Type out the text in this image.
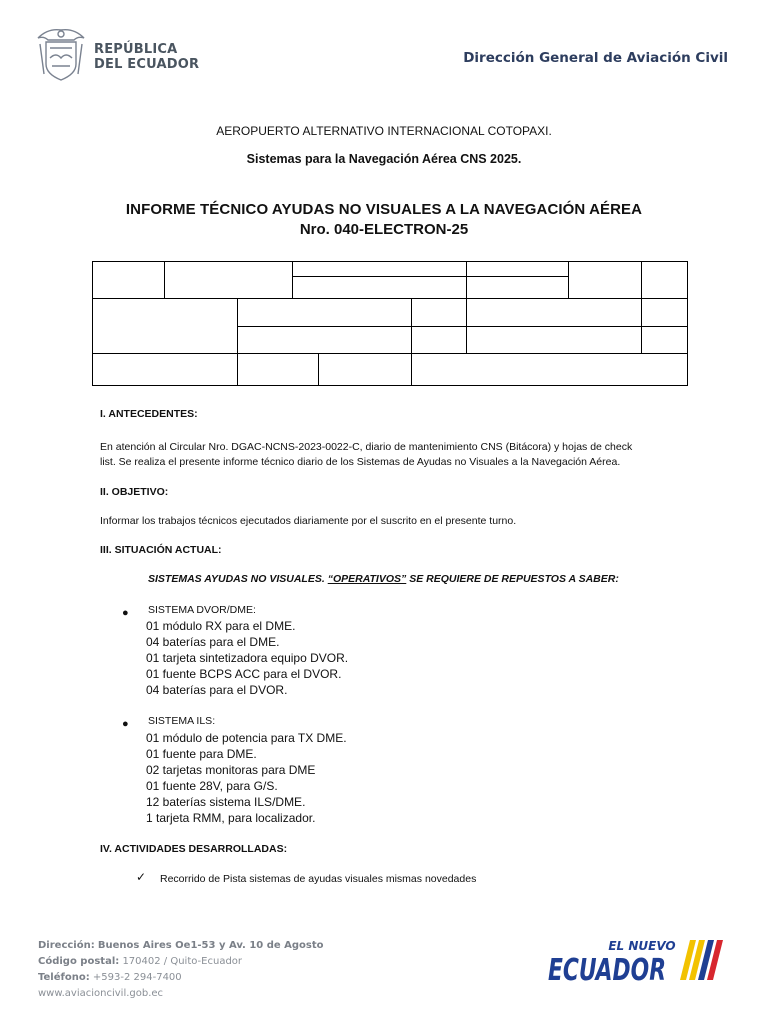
REPÚBLICA
DEL ECUADOR	Dirección General de Aviación Civil
AEROPUERTO ALTERNATIVO INTERNACIONAL COTOPAXI.
Sistemas para la Navegación Aérea CNS 2025.
INFORME TÉCNICO AYUDAS NO VISUALES A LA NAVEGACIÓN AÉREA
Nro. 040-ELECTRON-25
I. ANTECEDENTES:
En atención al Circular Nro. DGAC-NCNS-2023-0022-C, diario de mantenimiento CNS (Bitácora) y hojas de check
list. Se realiza el presente informe técnico diario de los Sistemas de Ayudas no Visuales a la Navegación Aérea.
II. OBJETIVO:
Informar los trabajos técnicos ejecutados diariamente por el suscrito en el presente turno.
III. SITUACIÓN ACTUAL:
SISTEMAS AYUDAS NO VISUALES. “OPERATIVOS” SE REQUIERE DE REPUESTOS A SABER:
● SISTEMA DVOR/DME:
01 módulo RX para el DME.
04 baterías para el DME.
01 tarjeta sintetizadora equipo DVOR.
01 fuente BCPS ACC para el DVOR.
04 baterías para el DVOR.
● SISTEMA ILS:
01 módulo de potencia para TX DME.
01 fuente para DME.
02 tarjetas monitoras para DME
01 fuente 28V, para G/S.
12 baterías sistema ILS/DME.
1 tarjeta RMM, para localizador.
IV. ACTIVIDADES DESARROLLADAS:
✓ Recorrido de Pista sistemas de ayudas visuales mismas novedades
Dirección: Buenos Aires Oe1-53 y Av. 10 de Agosto
Código postal: 170402 / Quito-Ecuador
Teléfono: +593-2 294-7400
www.aviacioncivil.gob.ec
EL NUEVO
ECUADOR
